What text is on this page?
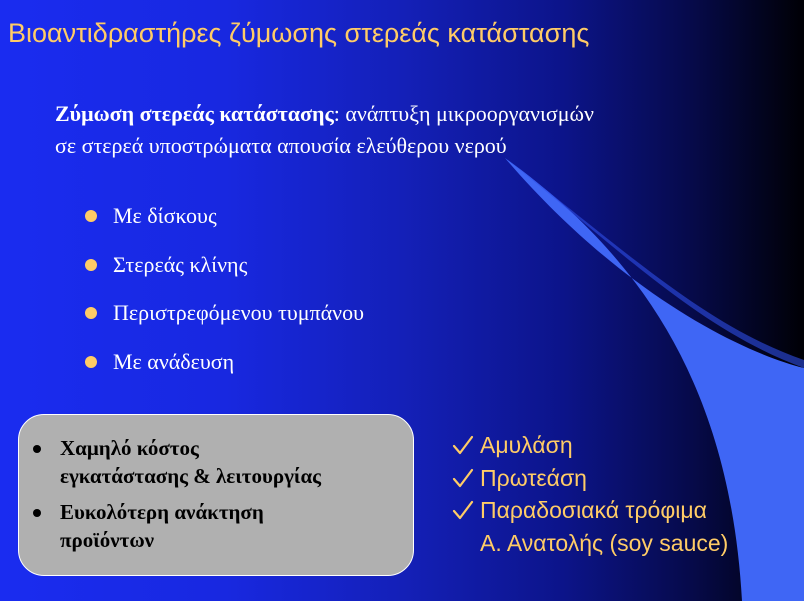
Βιοαντιδραστήρες ζύμωσης στερεάς κατάστασης

Ζύμωση στερεάς κατάστασης: ανάπτυξη μικροοργανισμών
σε στερεά υποστρώματα απουσία ελεύθερου νερού

Με δίσκους
Στερεάς κλίνης
Περιστρεφόμενου τυμπάνου
Με ανάδευση
Χαμηλό κόστος
εγκατάστασης & λειτουργίας
Ευκολότερη ανάκτηση
προϊόντων
Αμυλάση
Πρωτεάση
Παραδοσιακά τρόφιμα
Α. Ανατολής (soy sauce)
